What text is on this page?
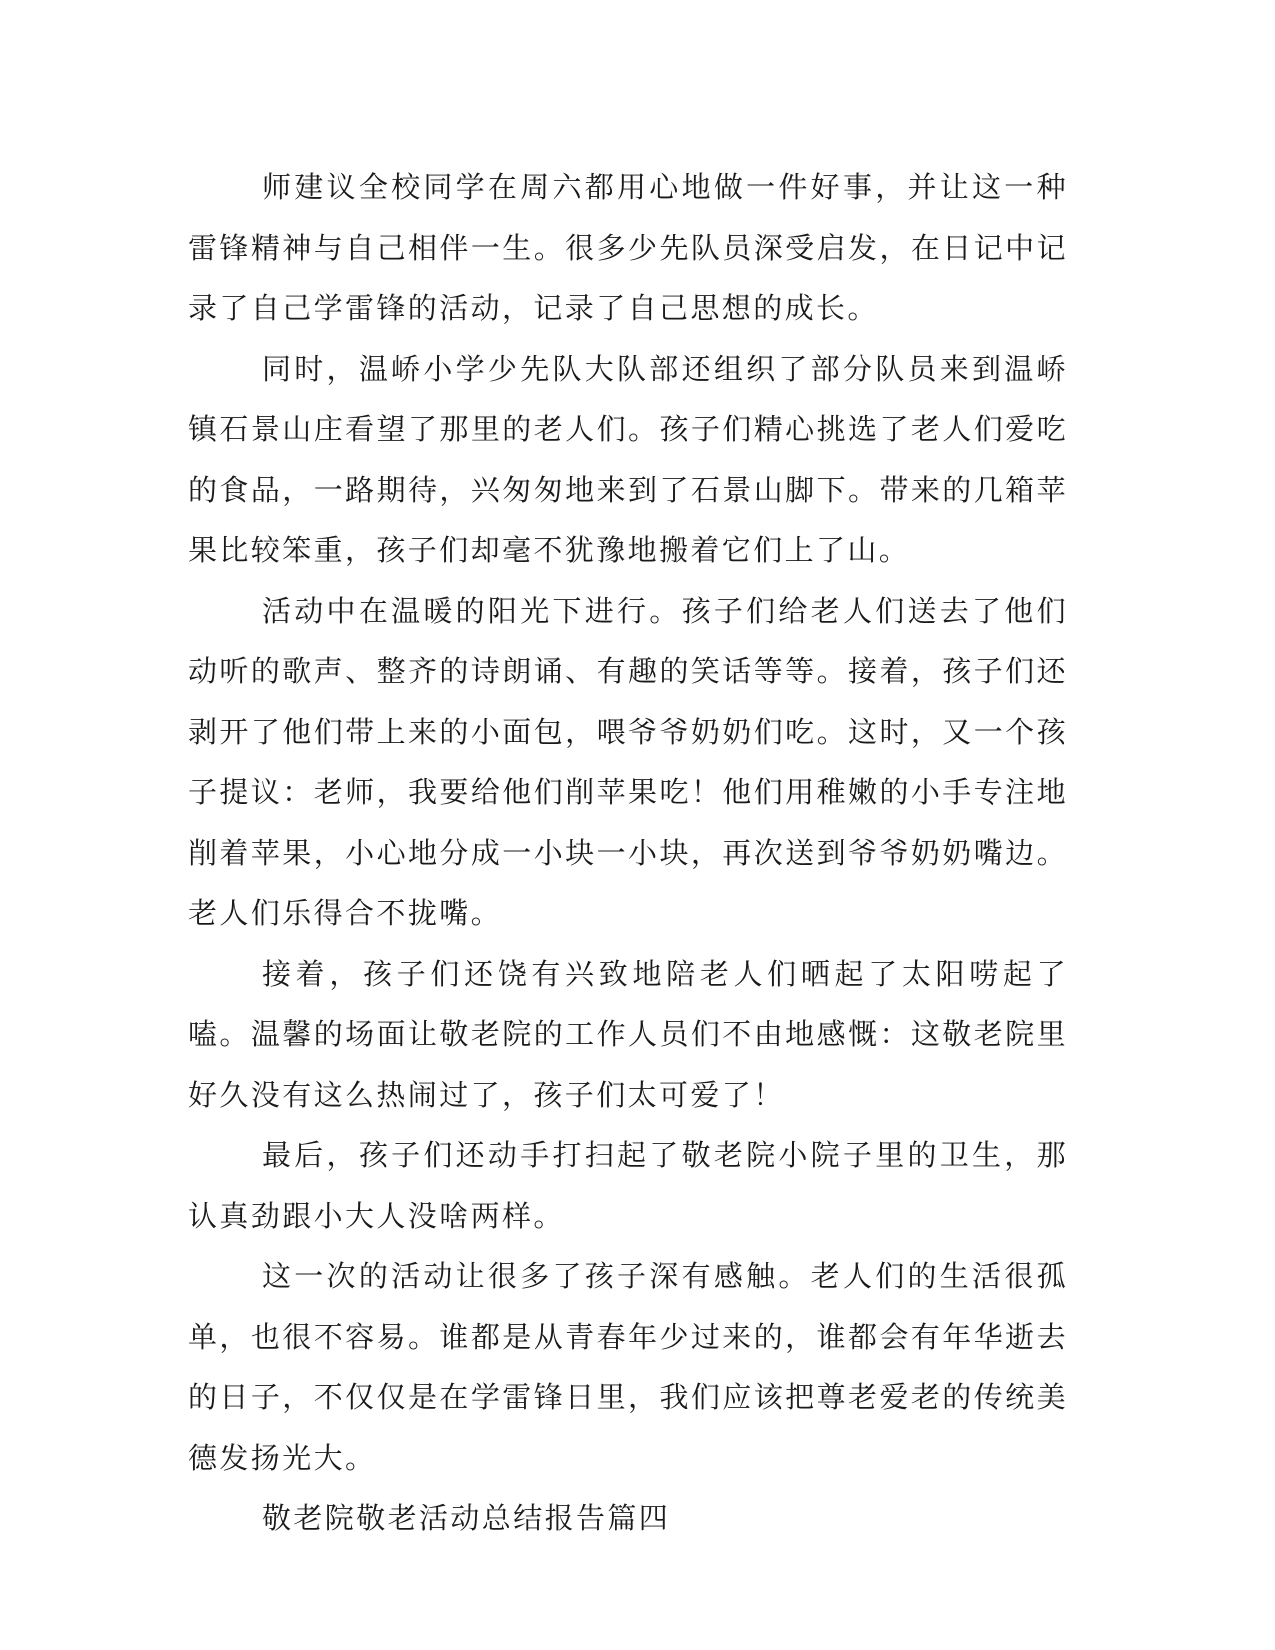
师建议全校同学在周六都用心地做一件好事，并让这一种雷锋精神与自己相伴一生。很多少先队员深受启发，在日记中记录了自己学雷锋的活动，记录了自己思想的成长。

同时，温峤小学少先队大队部还组织了部分队员来到温峤镇石景山庄看望了那里的老人们。孩子们精心挑选了老人们爱吃的食品，一路期待，兴匆匆地来到了石景山脚下。带来的几箱苹果比较笨重，孩子们却毫不犹豫地搬着它们上了山。

活动中在温暖的阳光下进行。孩子们给老人们送去了他们动听的歌声、整齐的诗朗诵、有趣的笑话等等。接着，孩子们还剥开了他们带上来的小面包，喂爷爷奶奶们吃。这时，又一个孩子提议：老师，我要给他们削苹果吃！他们用稚嫩的小手专注地削着苹果，小心地分成一小块一小块，再次送到爷爷奶奶嘴边。老人们乐得合不拢嘴。

接着，孩子们还饶有兴致地陪老人们晒起了太阳唠起了嗑。温馨的场面让敬老院的工作人员们不由地感慨：这敬老院里好久没有这么热闹过了，孩子们太可爱了！

最后，孩子们还动手打扫起了敬老院小院子里的卫生，那认真劲跟小大人没啥两样。

这一次的活动让很多了孩子深有感触。老人们的生活很孤单，也很不容易。谁都是从青春年少过来的，谁都会有年华逝去的日子，不仅仅是在学雷锋日里，我们应该把尊老爱老的传统美德发扬光大。

敬老院敬老活动总结报告篇四
